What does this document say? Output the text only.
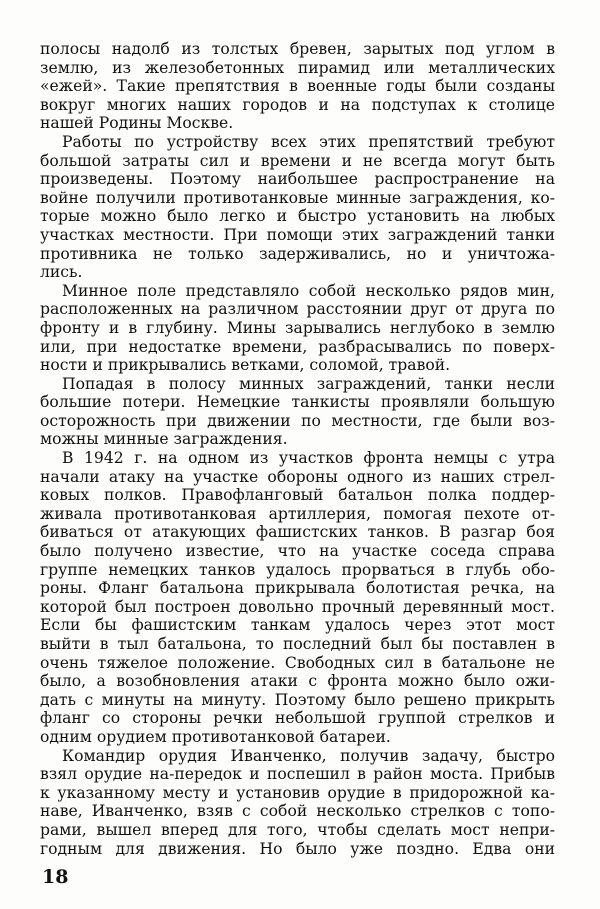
полосы надолб из толстых бревен, зарытых под углом в
землю, из железобетонных пирамид или металлических
«ежей». Такие препятствия в военные годы были созданы
вокруг многих наших городов и на подступах к столице
нашей Родины Москве.
Работы по устройству всех этих препятствий требуют
большой затраты сил и времени и не всегда могут быть
произведены. Поэтому наибольшее распространение на
войне получили противотанковые минные заграждения, ко-
торые можно было легко и быстро установить на любых
участках местности. При помощи этих заграждений танки
противника не только задерживались, но и уничтожа-
лись.
Минное поле представляло собой несколько рядов мин,
расположенных на различном расстоянии друг от друга по
фронту и в глубину. Мины зарывались неглубоко в землю
или, при недостатке времени, разбрасывались по поверх-
ности и прикрывались ветками, соломой, травой.
Попадая в полосу минных заграждений, танки несли
большие потери. Немецкие танкисты проявляли большую
осторожность при движении по местности, где были воз-
можны минные заграждения.
В 1942 г. на одном из участков фронта немцы с утра
начали атаку на участке обороны одного из наших стрел-
ковых полков. Правофланговый батальон полка поддер-
живала противотанковая артиллерия, помогая пехоте от-
биваться от атакующих фашистских танков. В разгар боя
было получено известие, что на участке соседа справа
группе немецких танков удалось прорваться в глубь обо-
роны. Фланг батальона прикрывала болотистая речка, на
которой был построен довольно прочный деревянный мост.
Если бы фашистским танкам удалось через этот мост
выйти в тыл батальона, то последний был бы поставлен в
очень тяжелое положение. Свободных сил в батальоне не
было, а возобновления атаки с фронта можно было ожи-
дать с минуты на минуту. Поэтому было решено прикрыть
фланг со стороны речки небольшой группой стрелков и
одним орудием противотанковой батареи.
Командир орудия Иванченко, получив задачу, быстро
взял орудие на-передок и поспешил в район моста. Прибыв
к указанному месту и установив орудие в придорожной ка-
наве, Иванченко, взяв с собой несколько стрелков с топо-
рами, вышел вперед для того, чтобы сделать мост непри-
годным для движения. Но было уже поздно. Едва они
18
